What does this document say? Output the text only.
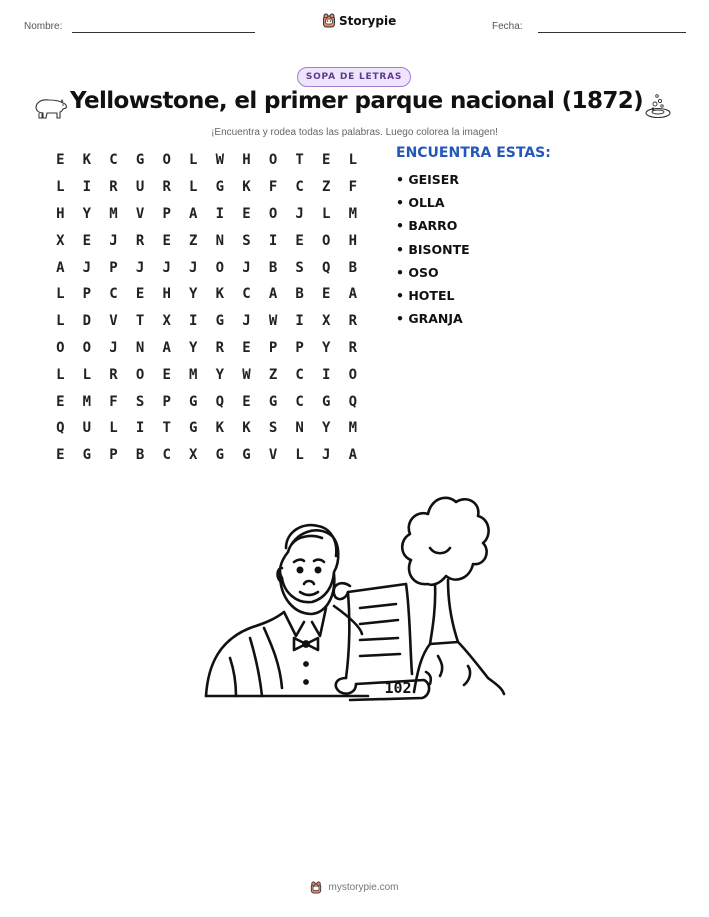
Nombre:	Storypie	Fecha:
SOPA DE LETRAS
Yellowstone, el primer parque nacional (1872)
¡Encuentra y rodea todas las palabras. Luego colorea la imagen!
E	K	C	G	O	L	W	H	O	T	E	L
L	I	R	U	R	L	G	K	F	C	Z	F
H	Y	M	V	P	A	I	E	O	J	L	M
X	E	J	R	E	Z	N	S	I	E	O	H
A	J	P	J	J	J	O	J	B	S	Q	B
L	P	C	E	H	Y	K	C	A	B	E	A
L	D	V	T	X	I	G	J	W	I	X	R
O	O	J	N	A	Y	R	E	P	P	Y	R
L	L	R	O	E	M	Y	W	Z	C	I	O
E	M	F	S	P	G	Q	E	G	C	G	Q
Q	U	L	I	T	G	K	K	S	N	Y	M
E	G	P	B	C	X	G	G	V	L	J	A
ENCUENTRA ESTAS:
• GEISER
• OLLA
• BARRO
• BISONTE
• OSO
• HOTEL
• GRANJA
102
mystorypie.com
